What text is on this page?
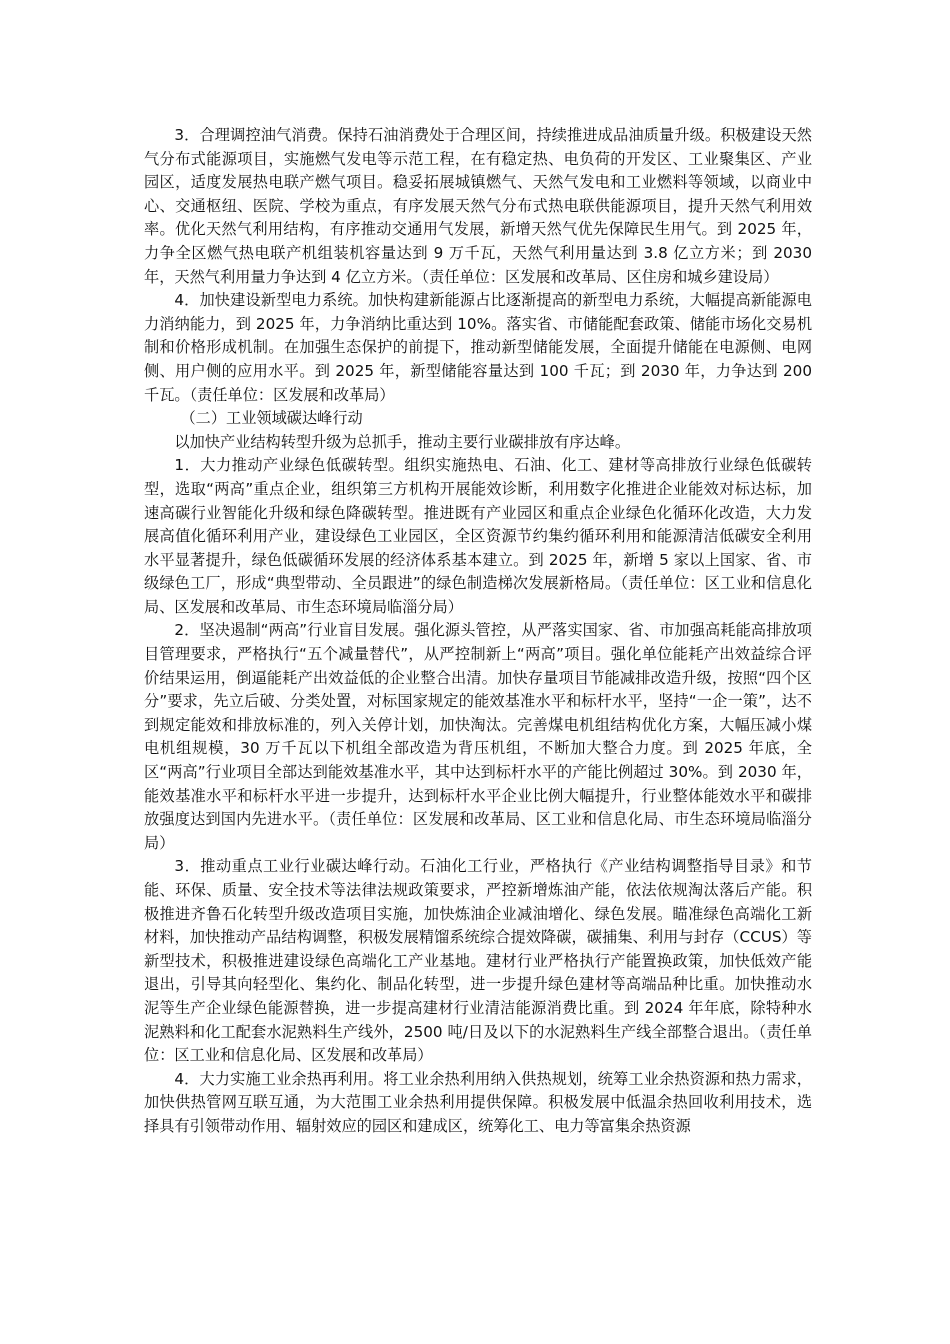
3．合理调控油气消费。保持石油消费处于合理区间，持续推进成品油质量升级。积极建设天然气分布式能源项目，实施燃气发电等示范工程，在有稳定热、电负荷的开发区、工业聚集区、产业园区，适度发展热电联产燃气项目。稳妥拓展城镇燃气、天然气发电和工业燃料等领域，以商业中心、交通枢纽、医院、学校为重点，有序发展天然气分布式热电联供能源项目，提升天然气利用效率。优化天然气利用结构，有序推动交通用气发展，新增天然气优先保障民生用气。到 2025 年，力争全区燃气热电联产机组装机容量达到 9 万千瓦，天然气利用量达到 3.8 亿立方米；到 2030 年，天然气利用量力争达到 4 亿立方米。（责任单位：区发展和改革局、区住房和城乡建设局）

4．加快建设新型电力系统。加快构建新能源占比逐渐提高的新型电力系统，大幅提高新能源电力消纳能力，到 2025 年，力争消纳比重达到 10%。落实省、市储能配套政策、储能市场化交易机制和价格形成机制。在加强生态保护的前提下，推动新型储能发展，全面提升储能在电源侧、电网侧、用户侧的应用水平。到 2025 年，新型储能容量达到 100 千瓦；到 2030 年，力争达到 200 千瓦。（责任单位：区发展和改革局）

（二）工业领域碳达峰行动

以加快产业结构转型升级为总抓手，推动主要行业碳排放有序达峰。

1．大力推动产业绿色低碳转型。组织实施热电、石油、化工、建材等高排放行业绿色低碳转型，选取“两高”重点企业，组织第三方机构开展能效诊断，利用数字化推进企业能效对标达标，加速高碳行业智能化升级和绿色降碳转型。推进既有产业园区和重点企业绿色化循环化改造，大力发展高值化循环利用产业，建设绿色工业园区，全区资源节约集约循环利用和能源清洁低碳安全利用水平显著提升，绿色低碳循环发展的经济体系基本建立。到 2025 年，新增 5 家以上国家、省、市级绿色工厂，形成“典型带动、全员跟进”的绿色制造梯次发展新格局。（责任单位：区工业和信息化局、区发展和改革局、市生态环境局临淄分局）

2．坚决遏制“两高”行业盲目发展。强化源头管控，从严落实国家、省、市加强高耗能高排放项目管理要求，严格执行“五个减量替代”，从严控制新上“两高”项目。强化单位能耗产出效益综合评价结果运用，倒逼能耗产出效益低的企业整合出清。加快存量项目节能减排改造升级，按照“四个区分”要求，先立后破、分类处置，对标国家规定的能效基准水平和标杆水平，坚持“一企一策”，达不到规定能效和排放标准的，列入关停计划，加快淘汰。完善煤电机组结构优化方案，大幅压减小煤电机组规模，30 万千瓦以下机组全部改造为背压机组，不断加大整合力度。到 2025 年底，全区“两高”行业项目全部达到能效基准水平，其中达到标杆水平的产能比例超过 30%。到 2030 年，能效基准水平和标杆水平进一步提升，达到标杆水平企业比例大幅提升，行业整体能效水平和碳排放强度达到国内先进水平。（责任单位：区发展和改革局、区工业和信息化局、市生态环境局临淄分局）

3．推动重点工业行业碳达峰行动。石油化工行业，严格执行《产业结构调整指导目录》和节能、环保、质量、安全技术等法律法规政策要求，严控新增炼油产能，依法依规淘汰落后产能。积极推进齐鲁石化转型升级改造项目实施，加快炼油企业减油增化、绿色发展。瞄准绿色高端化工新材料，加快推动产品结构调整，积极发展精馏系统综合提效降碳，碳捕集、利用与封存（CCUS）等新型技术，积极推进建设绿色高端化工产业基地。建材行业严格执行产能置换政策，加快低效产能退出，引导其向轻型化、集约化、制品化转型，进一步提升绿色建材等高端品种比重。加快推动水泥等生产企业绿色能源替换，进一步提高建材行业清洁能源消费比重。到 2024 年年底，除特种水泥熟料和化工配套水泥熟料生产线外，2500 吨/日及以下的水泥熟料生产线全部整合退出。（责任单位：区工业和信息化局、区发展和改革局）

4．大力实施工业余热再利用。将工业余热利用纳入供热规划，统筹工业余热资源和热力需求，加快供热管网互联互通，为大范围工业余热利用提供保障。积极发展中低温余热回收利用技术，选择具有引领带动作用、辐射效应的园区和建成区，统筹化工、电力等富集余热资源
